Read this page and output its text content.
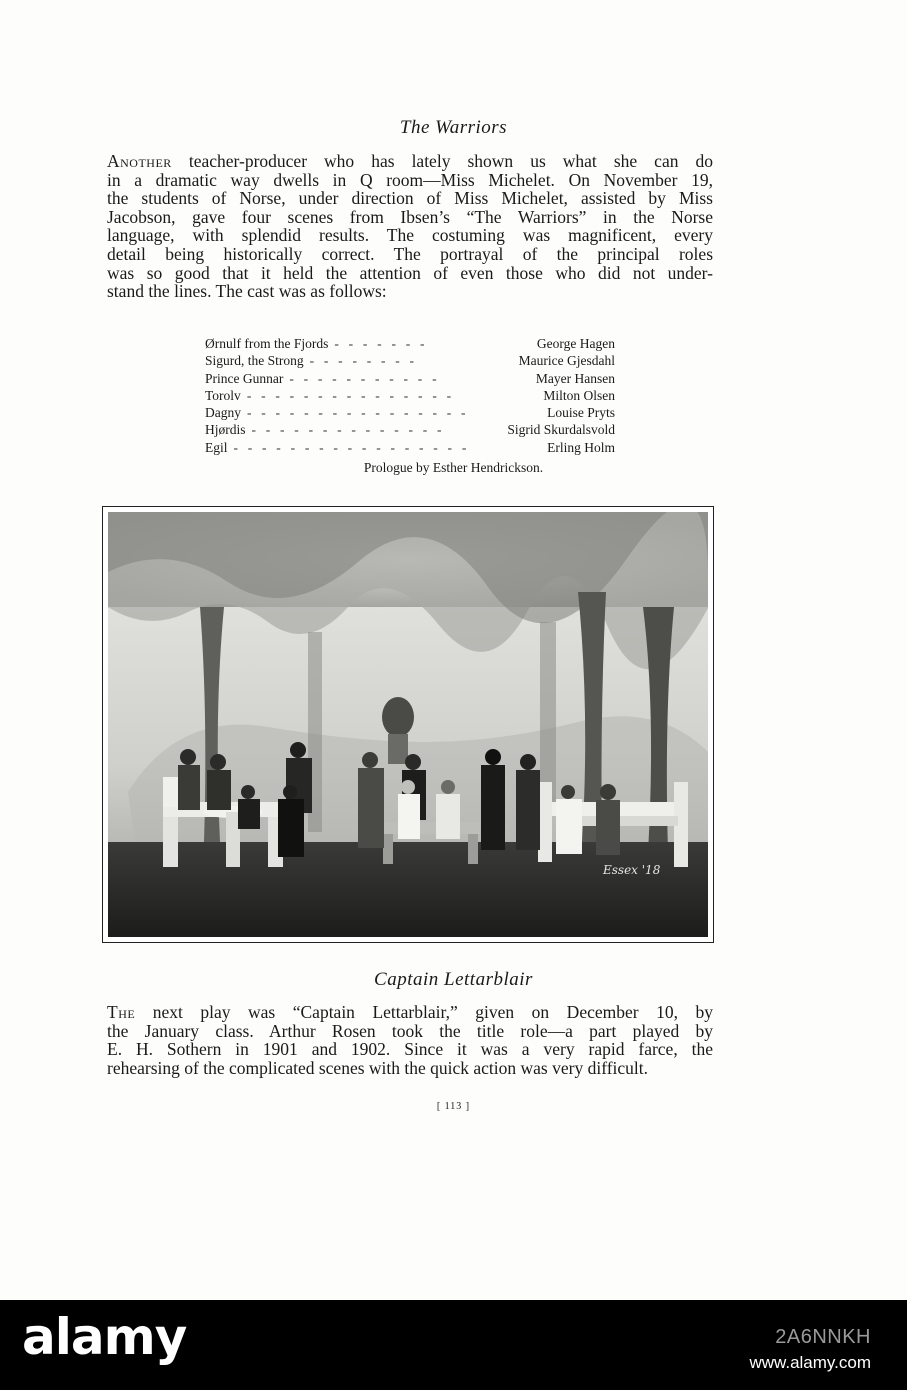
The Warriors
Another teacher-producer who has lately shown us what she can do
in a dramatic way dwells in Q room—Miss Michelet. On November 19,
the students of Norse, under direction of Miss Michelet, assisted by Miss
Jacobson, gave four scenes from Ibsen’s “The Warriors” in the Norse
language, with splendid results. The costuming was magnificent, every
detail being historically correct. The portrayal of the principal roles
was so good that it held the attention of even those who did not under-
stand the lines. The cast was as follows:
Ørnulf from the Fjords - - - - - - -	George Hagen
Sigurd, the Strong - - - - - - - -	Maurice Gjesdahl
Prince Gunnar - - - - - - - - - - -	Mayer Hansen
Torolv - - - - - - - - - - - - - - -	Milton Olsen
Dagny - - - - - - - - - - - - - - - -	Louise Pryts
Hjørdis - - - - - - - - - - - - - -	Sigrid Skurdalsvold
Egil - - - - - - - - - - - - - - - - -	Erling Holm
Prologue by Esther Hendrickson.
Essex '18
Captain Lettarblair
The next play was “Captain Lettarblair,” given on December 10, by
the January class. Arthur Rosen took the title role—a part played by
E. H. Sothern in 1901 and 1902. Since it was a very rapid farce, the
rehearsing of the complicated scenes with the quick action was very difficult.
[ 113 ]
alamy	2A6NNKH
www.alamy.com
